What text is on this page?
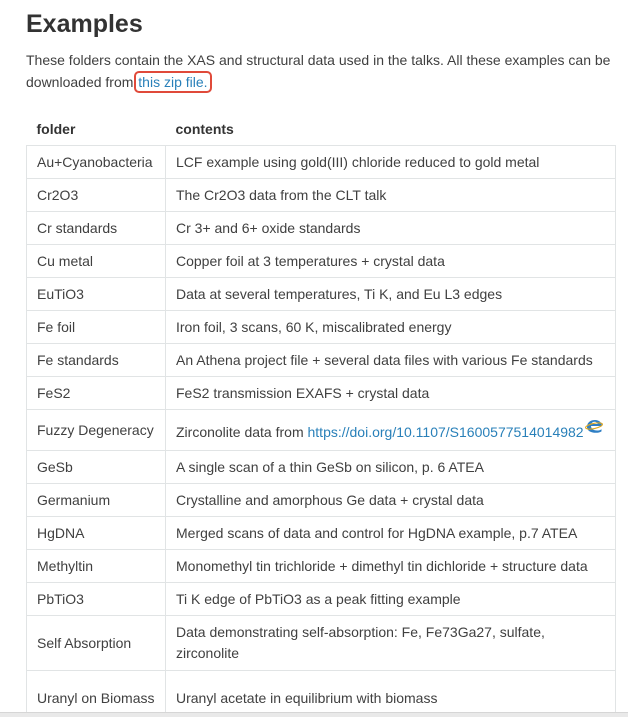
Examples
These folders contain the XAS and structural data used in the talks. All these examples can be downloaded from this zip file.
folder	contents
Au+Cyanobacteria	LCF example using gold(III) chloride reduced to gold metal
Cr2O3	The Cr2O3 data from the CLT talk
Cr standards	Cr 3+ and 6+ oxide standards
Cu metal	Copper foil at 3 temperatures + crystal data
EuTiO3	Data at several temperatures, Ti K, and Eu L3 edges
Fe foil	Iron foil, 3 scans, 60 K, miscalibrated energy
Fe standards	An Athena project file + several data files with various Fe standards
FeS2	FeS2 transmission EXAFS + crystal data
Fuzzy Degeneracy	Zirconolite data from https://doi.org/10.1107/S1600577514014982
GeSb	A single scan of a thin GeSb on silicon, p. 6 ATEA
Germanium	Crystalline and amorphous Ge data + crystal data
HgDNA	Merged scans of data and control for HgDNA example, p.7 ATEA
Methyltin	Monomethyl tin trichloride + dimethyl tin dichloride + structure data
PbTiO3	Ti K edge of PbTiO3 as a peak fitting example
Self Absorption	Data demonstrating self-absorption: Fe, Fe73Ga27, sulfate, zirconolite
Uranyl on Biomass	Uranyl acetate in equilibrium with biomass
